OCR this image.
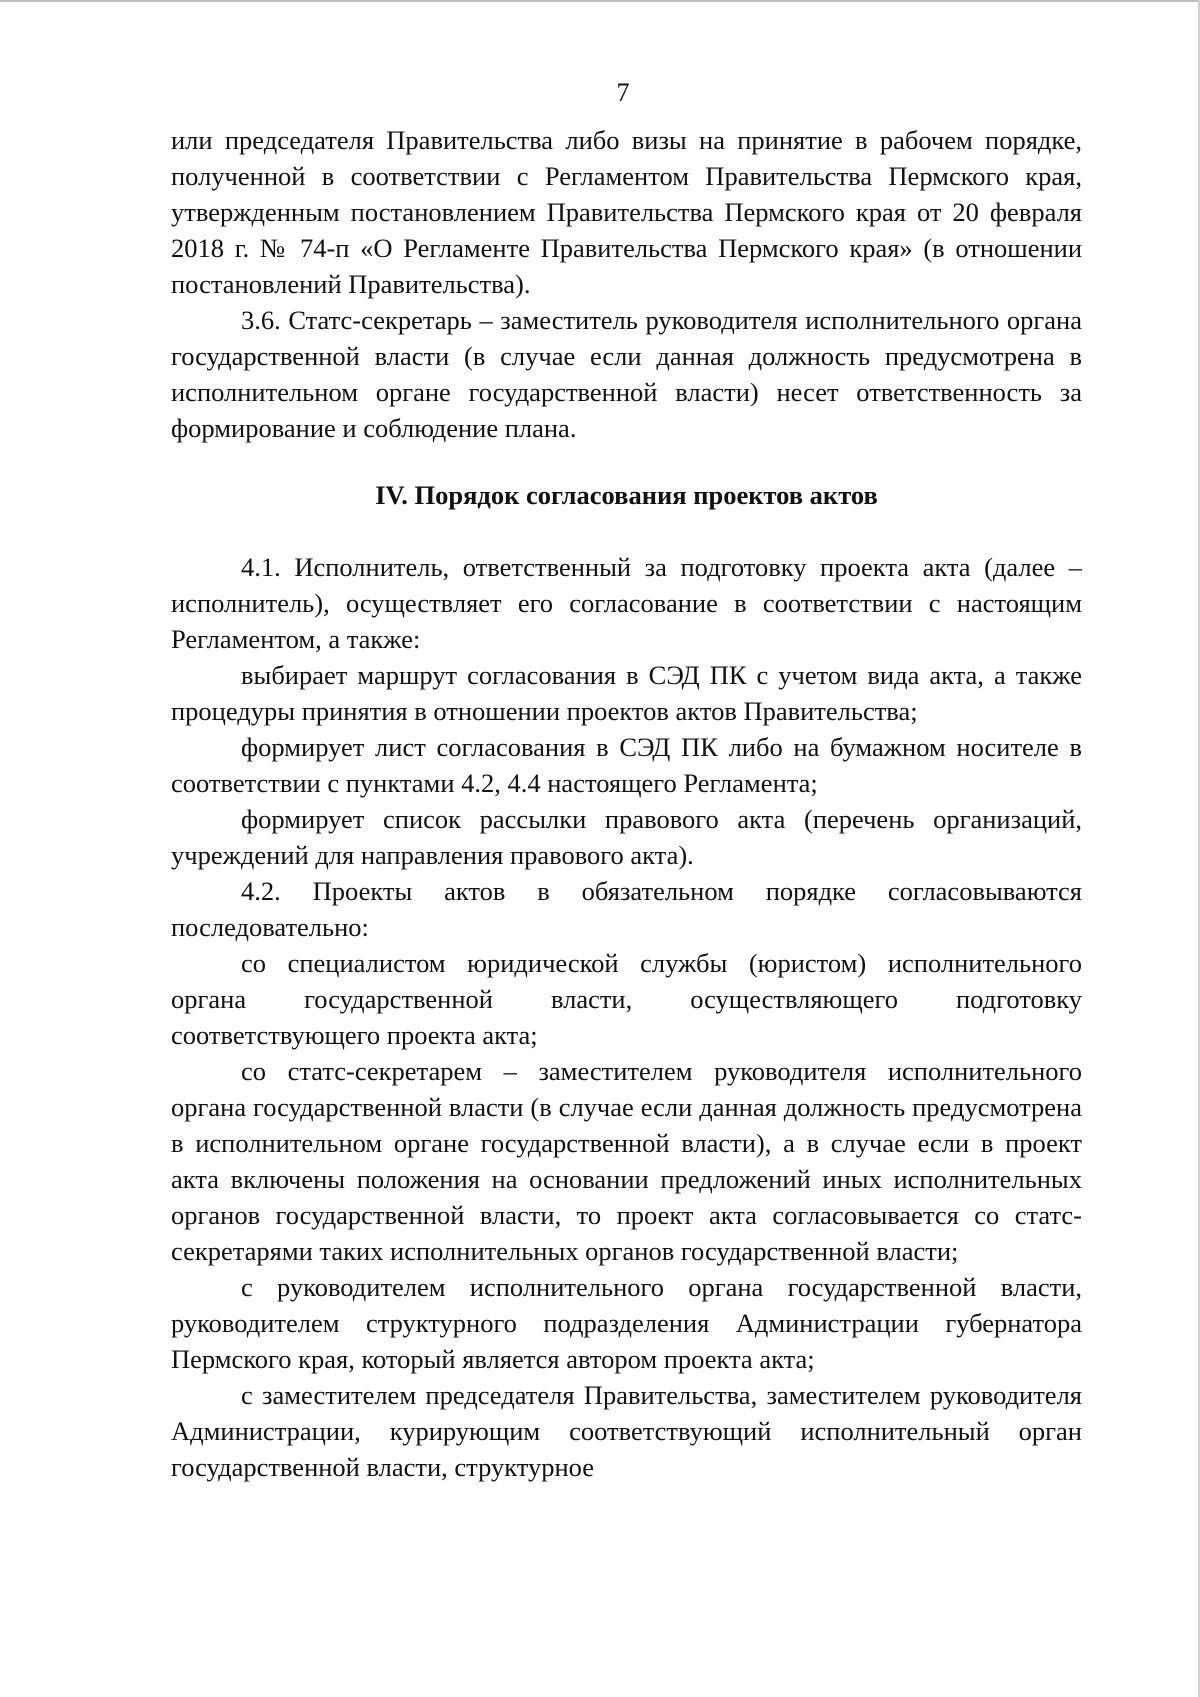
7

или председателя Правительства либо визы на принятие в рабочем порядке, полученной в соответствии с Регламентом Правительства Пермского края, утвержденным постановлением Правительства Пермского края от 20 февраля 2018 г. № 74-п «О Регламенте Правительства Пермского края» (в отношении постановлений Правительства).

3.6. Статс-секретарь – заместитель руководителя исполнительного органа государственной власти (в случае если данная должность предусмотрена в исполнительном органе государственной власти) несет ответственность за формирование и соблюдение плана.

IV. Порядок согласования проектов актов

4.1. Исполнитель, ответственный за подготовку проекта акта (далее – исполнитель), осуществляет его согласование в соответствии с настоящим Регламентом, а также:

выбирает маршрут согласования в СЭД ПК с учетом вида акта, а также процедуры принятия в отношении проектов актов Правительства;

формирует лист согласования в СЭД ПК либо на бумажном носителе в соответствии с пунктами 4.2, 4.4 настоящего Регламента;

формирует список рассылки правового акта (перечень организаций, учреждений для направления правового акта).

4.2. Проекты актов в обязательном порядке согласовываются последовательно:

со специалистом юридической службы (юристом) исполнительного органа государственной власти, осуществляющего подготовку соответствующего проекта акта;

со статс-секретарем – заместителем руководителя исполнительного органа государственной власти (в случае если данная должность предусмотрена в исполнительном органе государственной власти), а в случае если в проект акта включены положения на основании предложений иных исполнительных органов государственной власти, то проект акта согласовывается со статс-секретарями таких исполнительных органов государственной власти;

с руководителем исполнительного органа государственной власти, руководителем структурного подразделения Администрации губернатора Пермского края, который является автором проекта акта;

с заместителем председателя Правительства, заместителем руководителя Администрации, курирующим соответствующий исполнительный орган государственной власти, структурное
